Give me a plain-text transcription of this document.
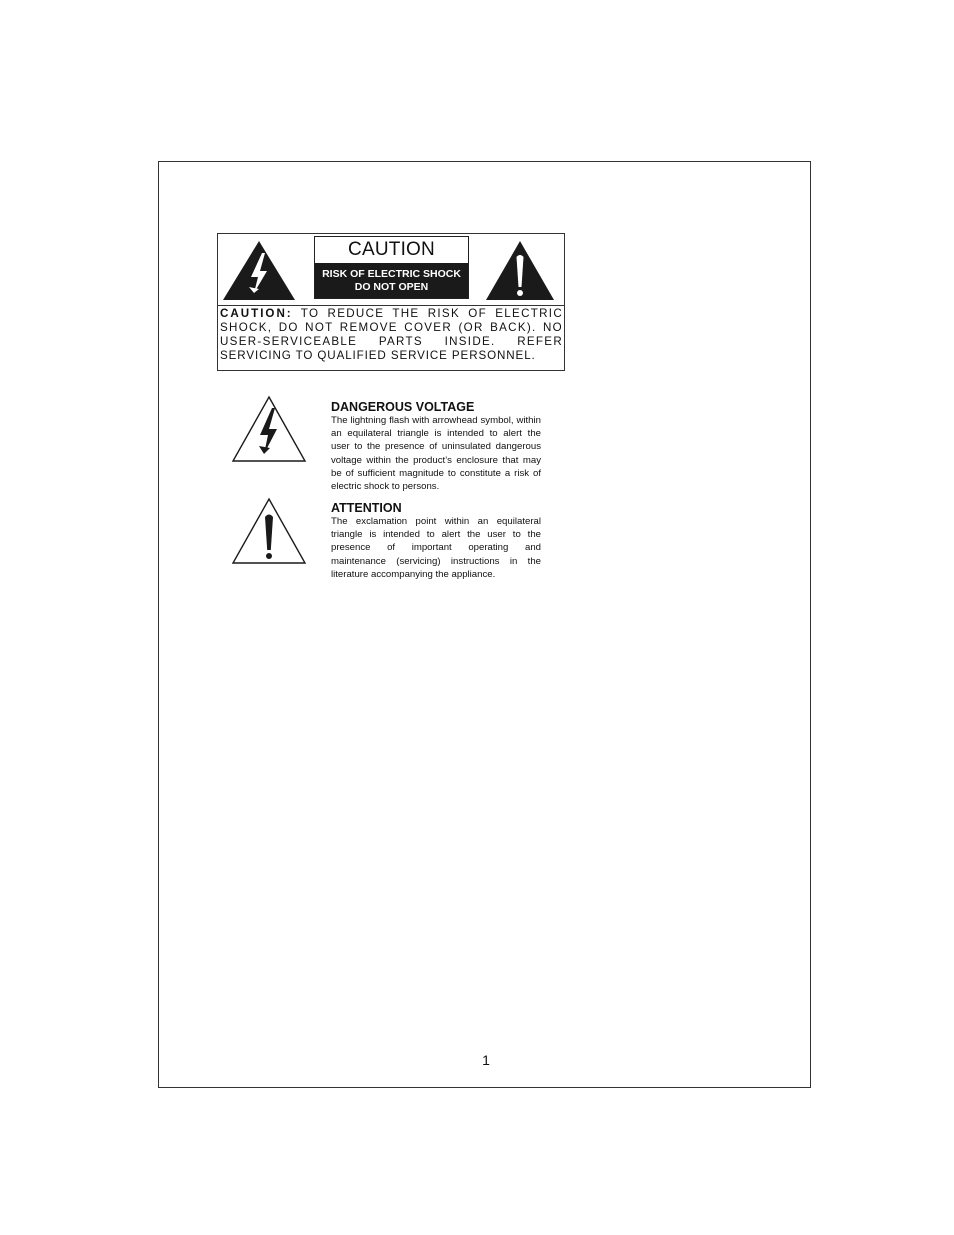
CAUTION
RISK OF ELECTRIC SHOCK
DO NOT OPEN
CAUTION: TO REDUCE THE RISK OF ELECTRIC
SHOCK, DO NOT REMOVE COVER (OR BACK). NO
USER-SERVICEABLE PARTS INSIDE. REFER
SERVICING TO QUALIFIED SERVICE PERSONNEL.

DANGEROUS VOLTAGE

The lightning flash with arrowhead symbol, within an equilateral triangle is intended to alert the user to the presence of uninsulated dangerous voltage within the product’s enclosure that may be of sufficient magnitude to constitute a risk of electric shock to persons.

ATTENTION

The exclamation point within an equilateral triangle is intended to alert the user to the presence of important operating and maintenance (servicing) instructions in the literature accompanying the appliance.

1
